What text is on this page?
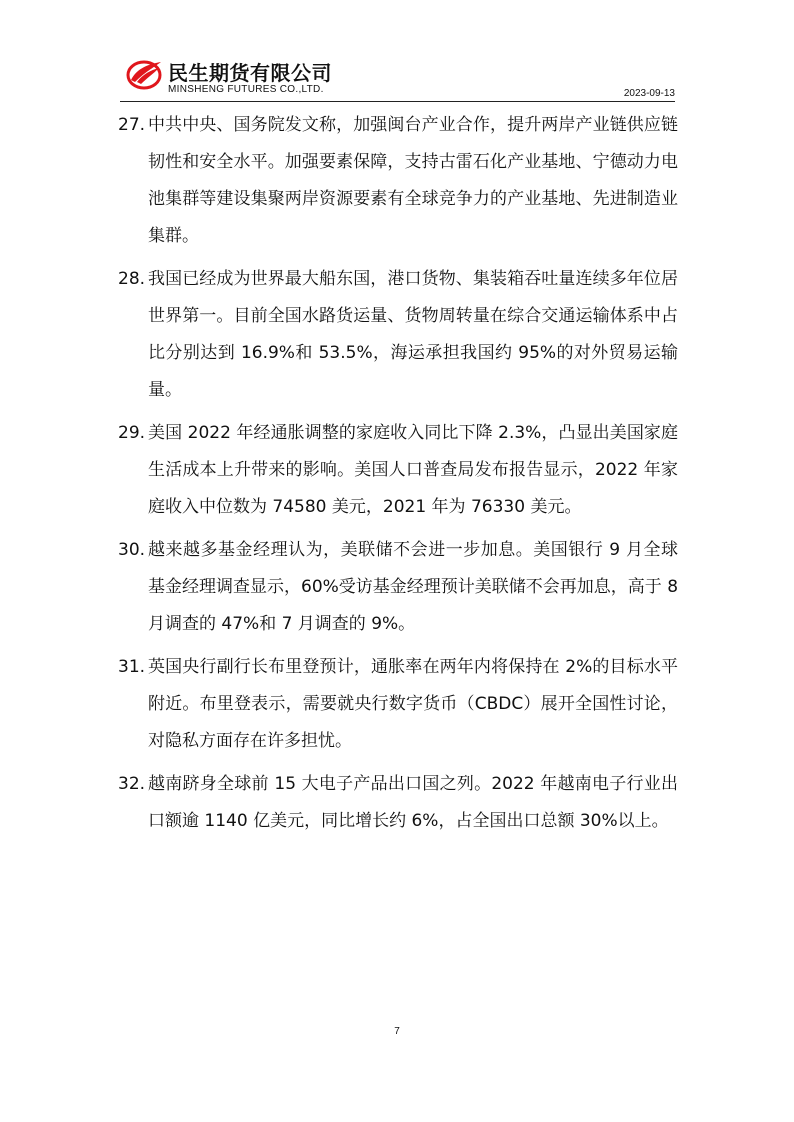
民生期货有限公司
MINSHENG FUTURES CO.,LTD.	2023-09-13
27. 中共中央、国务院发文称，加强闽台产业合作，提升两岸产业链供应链韧性和安全水平。加强要素保障，支持古雷石化产业基地、宁德动力电池集群等建设集聚两岸资源要素有全球竞争力的产业基地、先进制造业集群。
28. 我国已经成为世界最大船东国，港口货物、集装箱吞吐量连续多年位居世界第一。目前全国水路货运量、货物周转量在综合交通运输体系中占比分别达到 16.9%和 53.5%，海运承担我国约 95%的对外贸易运输量。
29. 美国 2022 年经通胀调整的家庭收入同比下降 2.3%，凸显出美国家庭生活成本上升带来的影响。美国人口普查局发布报告显示，2022 年家庭收入中位数为 74580 美元，2021 年为 76330 美元。
30. 越来越多基金经理认为，美联储不会进一步加息。美国银行 9 月全球基金经理调查显示，60%受访基金经理预计美联储不会再加息，高于 8 月调查的 47%和 7 月调查的 9%。
31. 英国央行副行长布里登预计，通胀率在两年内将保持在 2%的目标水平附近。布里登表示，需要就央行数字货币（CBDC）展开全国性讨论，对隐私方面存在许多担忧。
32. 越南跻身全球前 15 大电子产品出口国之列。2022 年越南电子行业出口额逾 1140 亿美元，同比增长约 6%，占全国出口总额 30%以上。
7
